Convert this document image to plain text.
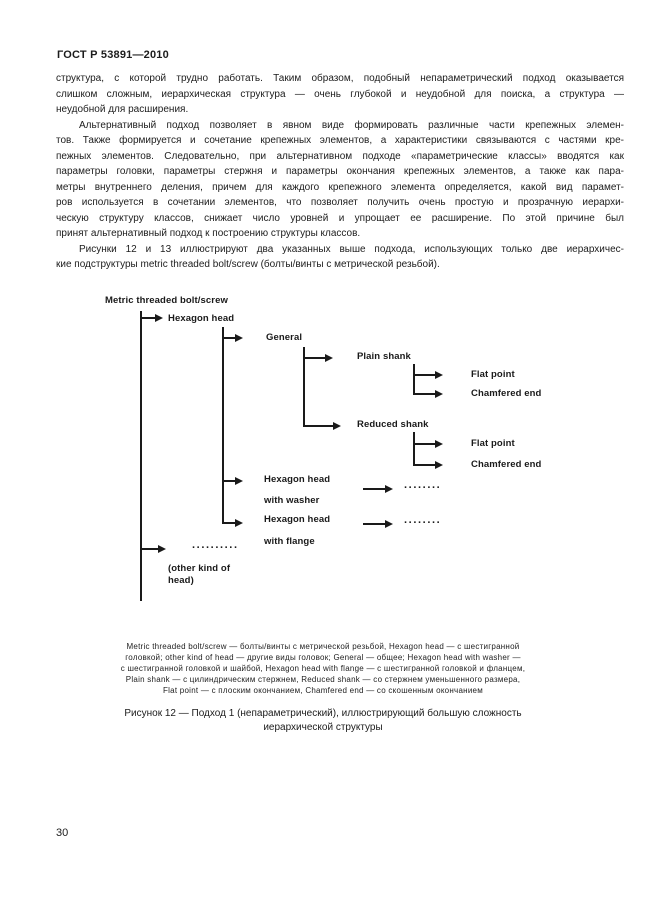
ГОСТ Р 53891—2010
структура, с которой трудно работать. Таким образом, подобный непараметрический подход оказывается
слишком сложным, иерархическая структура — очень глубокой и неудобной для поиска, а структура —
неудобной для расширения.
Альтернативный подход позволяет в явном виде формировать различные части крепежных элемен-
тов. Также формируется и сочетание крепежных элементов, а характеристики связываются с частями кре-
пежных элементов. Следовательно, при альтернативном подходе «параметрические классы» вводятся как
параметры головки, параметры стержня и параметры окончания крепежных элементов, а также как пара-
метры внутреннего деления, причем для каждого крепежного элемента определяется, какой вид парамет-
ров используется в сочетании элементов, что позволяет получить очень простую и прозрачную иерархи-
ческую структуру классов, снижает число уровней и упрощает ее расширение. По этой причине был
принят альтернативный подход к построению структуры классов.
Рисунки 12 и 13 иллюстрируют два указанных выше подхода, использующих только две иерархичес-
кие подструктуры metric threaded bolt/screw (болты/винты с метрической резьбой).
Metric threaded bolt/screw
Hexagon head
General
Plain shank
Flat point
Chamfered end
Reduced shank
Flat point
Chamfered end
Hexagon head
with washer
Hexagon head
with flange
(other kind of
head)
········
········
··········
Metric threaded bolt/screw — болты/винты с метрической резьбой, Hexagon head — с шестигранной
головкой; other kind of head — другие виды головок; General — общее; Hexagon head with washer —
с шестигранной головкой и шайбой, Hexagon head with flange — с шестигранной головкой и фланцем,
Plain shank — с цилиндрическим стержнем, Reduced shank — со стержнем уменьшенного размера,
Flat point — с плоским окончанием, Chamfered end — со скошенным окончанием
Рисунок 12 — Подход 1 (непараметрический), иллюстрирующий большую сложность
иерархической структуры
30
